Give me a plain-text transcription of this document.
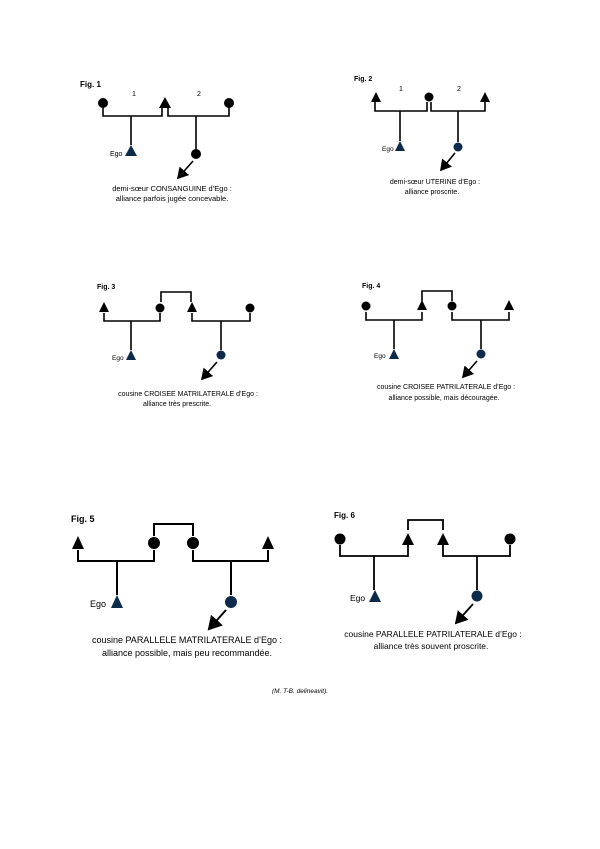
Fig. 1
1	2
Ego
demi-sœur CONSANGUINE d’Ego :
alliance parfois jugée concevable.
Fig. 2
1	2
Ego
demi-sœur UTERINE d’Ego :
alliance proscrite.
Fig. 3
Ego
cousine CROISEE MATRILATERALE d’Ego :
alliance très prescrite.
Fig. 4
Ego
cousine CROISEE PATRILATERALE d’Ego :
alliance possible, mais découragée.
Fig. 5
Ego
cousine PARALLELE MATRILATERALE d’Ego :
alliance possible, mais peu recommandée.
Fig. 6
Ego
cousine PARALLELE PATRILATERALE d’Ego :
alliance très souvent proscrite.
(M. T-B. delineavit).
